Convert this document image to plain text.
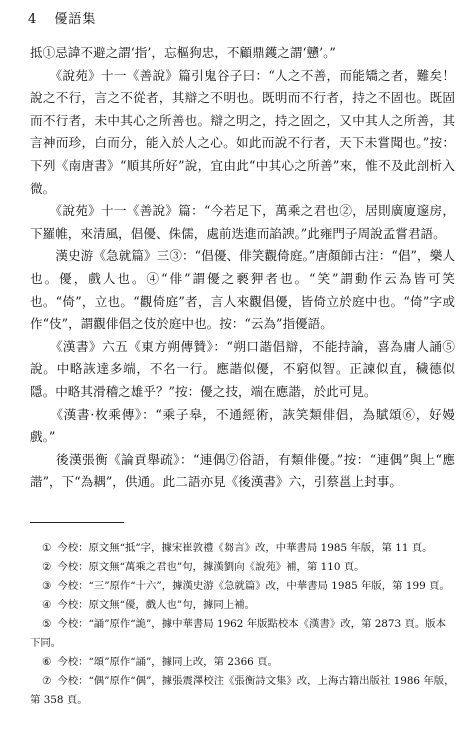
4 優語集

抵①忌諱不避之謂‘指’，忘樞狗忠，不顧鼎鑊之謂‘戇’。”

　　《說苑》十一《善說》篇引鬼谷子曰：“人之不善，而能矯之者，難矣！說之不行，言之不從者，其辯之不明也。既明而不行者，持之不固也。既固而不行者，未中其心之所善也。辯之明之，持之固之，又中其人之所善，其言神而珍，白而分，能入於人之心。如此而說不行者，天下未嘗聞也。”按：下列《南唐書》“順其所好”說，宜由此“中其心之所善”來，惟不及此剖析入微。

　　《說苑》十一《善說》篇：“今若足下，萬乘之君也②，居則廣廈邃房，下羅帷，來清風，倡優、侏儒，處前迭進而諂諛。”此雍門子周說孟嘗君語。

　　漢史游《急就篇》三③：“倡優、俳笑觀倚庭。”唐顏師古注：“倡”，樂人也。優，戲人也。④“俳”謂優之褻狎者也。“笑”謂動作云為皆可笑也。“倚”，立也。“觀倚庭”者，言人來觀倡優，皆倚立於庭中也。“倚”字或作“伎”，謂觀俳倡之伎於庭中也。按：“云為”指優語。

　　《漢書》六五《東方朔傳贊》：“朔口諧倡辯，不能持論，喜為庸人誦⑤說。中略詼達多端，不名一行。應諧似優，不窮似智。正諫似直，穢德似隱。中略其滑稽之雄乎？”按：優之技，端在應諧，於此可見。

　　《漢書·枚乘傳》：“乘子皋，不通經術，詼笑類俳倡，為賦頌⑥，好嫚戲。”

　　後漢張衡《論貢舉疏》：“連偶⑦俗語，有類俳優。”按：“連偶”與上“應諧”，下“為耦”，供通。此二語亦見《後漢書》六，引蔡邕上封事。

① 今校：原文無“抵”字，據宋崔敦禮《芻言》改，中華書局 1985 年版，第 11 頁。

② 今校：原文無“萬乘之君也”句，據漢劉向《說苑》補，第 110 頁。

③ 今校：“三”原作“十六”，據漢史游《急就篇》改，中華書局 1985 年版，第 199 頁。

④ 今校：原文無“優，戲人也”句，據同上補。

⑤ 今校：“誦”原作“詭”，據中華書局 1962 年版點校本《漢書》改，第 2873 頁。版本下同。

⑥ 今校：“頌”原作“誦”，據同上改，第 2366 頁。

⑦ 今校：“偶”原作“偶”，據張震澤校注《張衡詩文集》改，上海古籍出版社 1986 年版，第 358 頁。
